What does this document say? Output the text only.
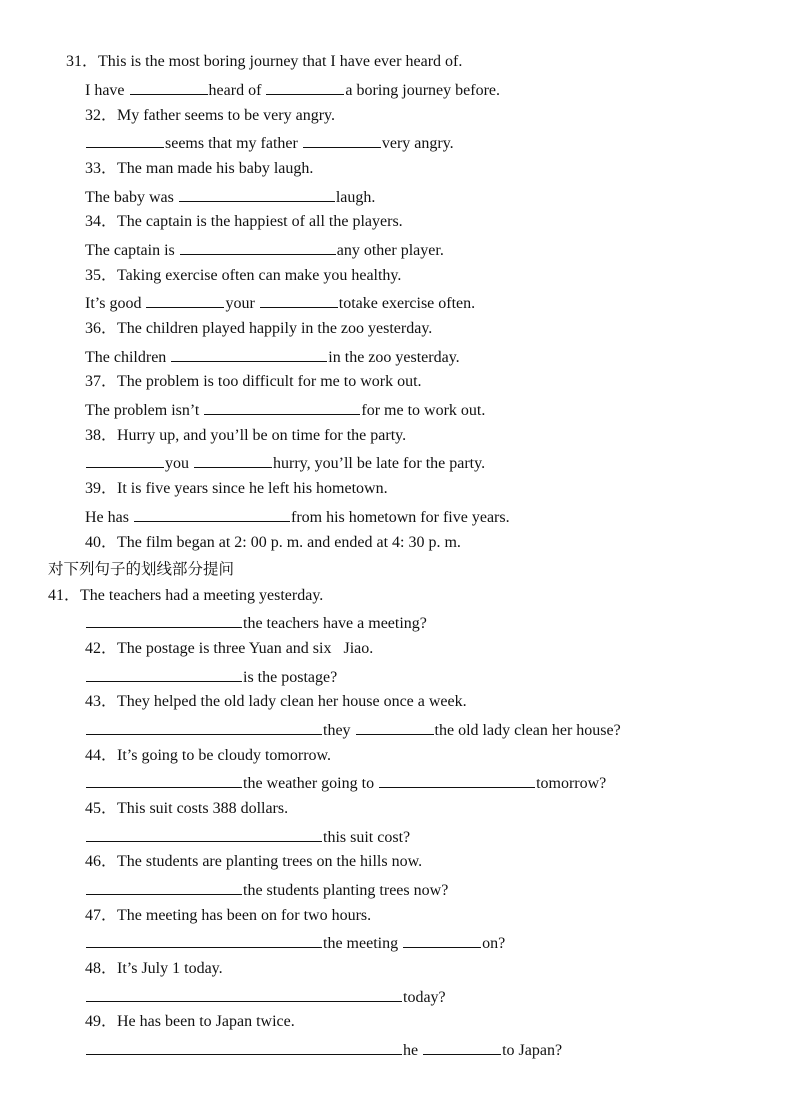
31．This is the most boring journey that I have ever heard of.
I have	heard of	a boring journey before.
32．My father seems to be very angry.
seems that my father	very angry.
33．The man made his baby laugh.
The baby was	laugh.
34．The captain is the happiest of all the players.
The captain is	any other player.
35．Taking exercise often can make you healthy.
It’s good	your	totake exercise often.
36．The children played happily in the zoo yesterday.
The children	in the zoo yesterday.
37．The problem is too difficult for me to work out.
The problem isn’t	for me to work out.
38．Hurry up, and you’ll be on time for the party.
you	hurry, you’ll be late for the party.
39．It is five years since he left his hometown.
He has	from his hometown for five years.
40．The film began at 2: 00 p. m. and ended at 4: 30 p. m.
对下列句子的划线部分提问
41．The teachers had a meeting yesterday.
the teachers have a meeting?
42．The postage is three Yuan and six   Jiao.
is the postage?
43．They helped the old lady clean her house once a week.
they	the old lady clean her house?
44．It’s going to be cloudy tomorrow.
the weather going to	tomorrow?
45．This suit costs 388 dollars.
this suit cost?
46．The students are planting trees on the hills now.
the students planting trees now?
47．The meeting has been on for two hours.
the meeting	on?
48．It’s July 1 today.
today?
49．He has been to Japan twice.
he	to Japan?
